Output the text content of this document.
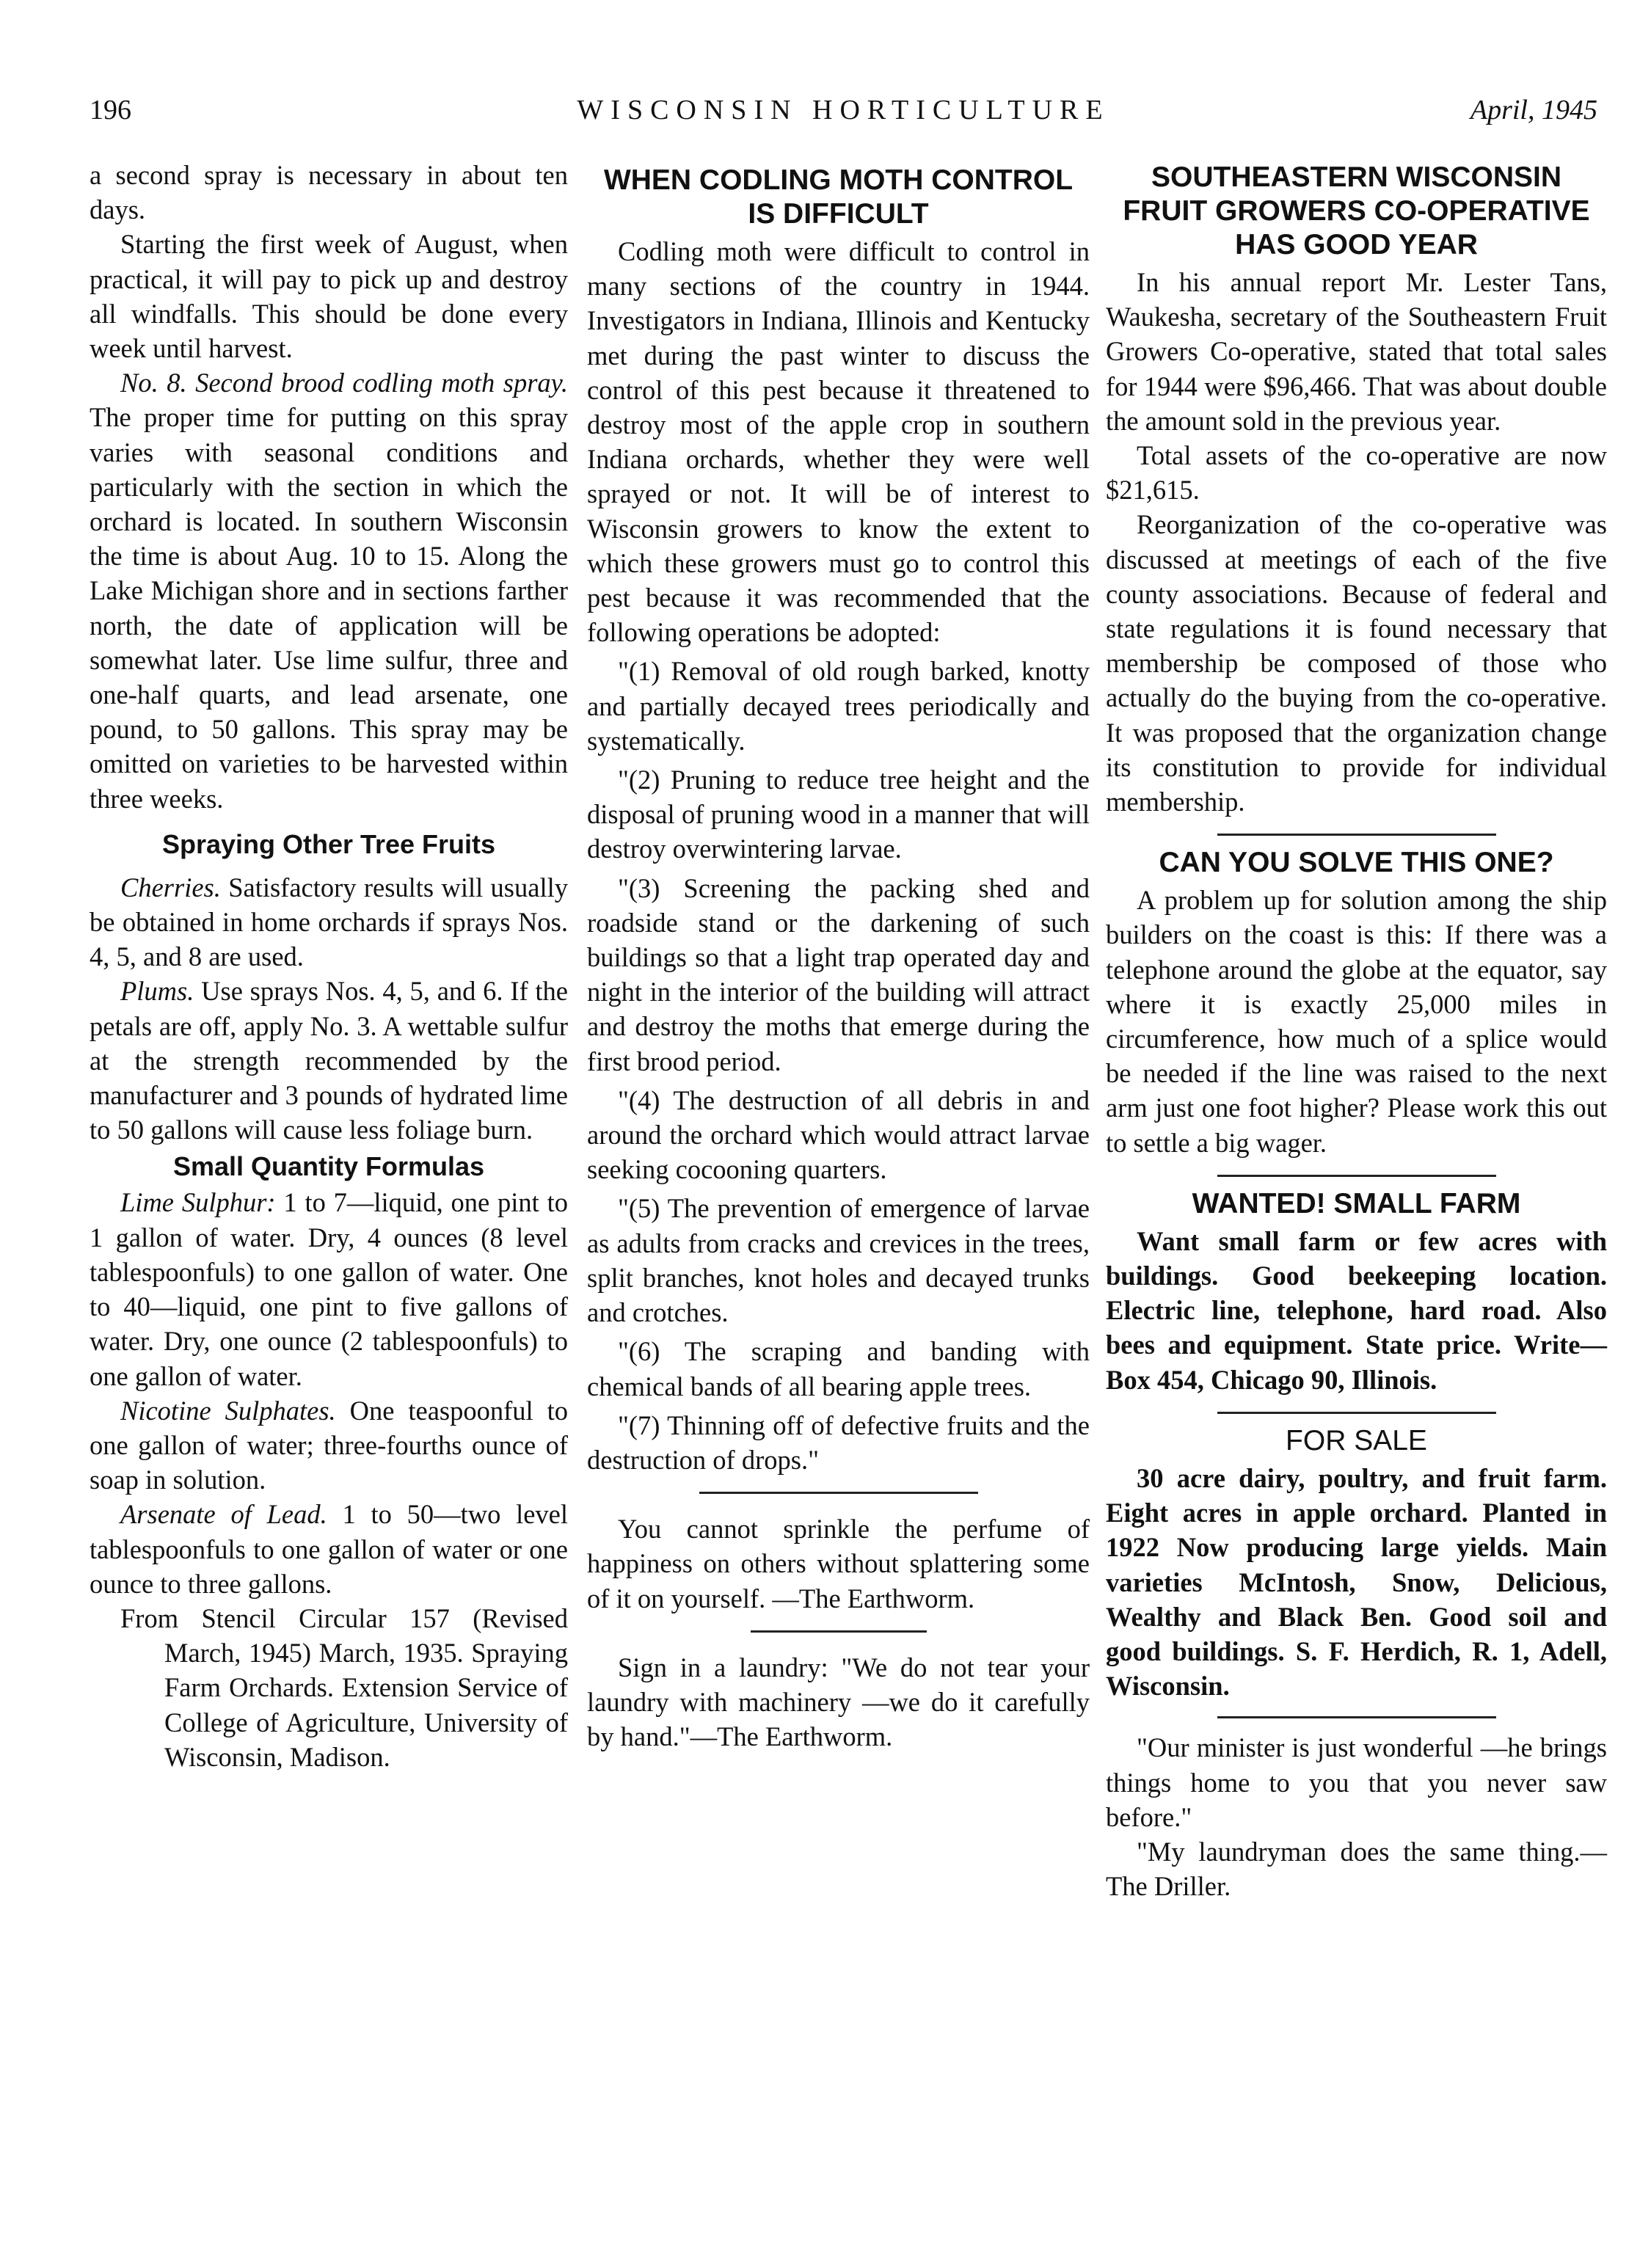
196	WISCONSIN HORTICULTURE	April, 1945

a second spray is necessary in about ten days.

Starting the first week of August, when practical, it will pay to pick up and destroy all windfalls. This should be done every week until harvest.

No. 8. Second brood codling moth spray. The proper time for putting on this spray varies with seasonal conditions and particularly with the section in which the orchard is located. In southern Wisconsin the time is about Aug. 10 to 15. Along the Lake Michigan shore and in sections farther north, the date of application will be somewhat later. Use lime sulfur, three and one-half quarts, and lead arsenate, one pound, to 50 gallons. This spray may be omitted on varieties to be harvested within three weeks.

Spraying Other Tree Fruits

Cherries. Satisfactory results will usually be obtained in home orchards if sprays Nos. 4, 5, and 8 are used.

Plums. Use sprays Nos. 4, 5, and 6. If the petals are off, apply No. 3. A wettable sulfur at the strength recommended by the manufacturer and 3 pounds of hydrated lime to 50 gallons will cause less foliage burn.

Small Quantity Formulas

Lime Sulphur: 1 to 7—liquid, one pint to 1 gallon of water. Dry, 4 ounces (8 level tablespoonfuls) to one gallon of water. One to 40—liquid, one pint to five gallons of water. Dry, one ounce (2 tablespoonfuls) to one gallon of water.

Nicotine Sulphates. One teaspoonful to one gallon of water; three-fourths ounce of soap in solution.

Arsenate of Lead. 1 to 50—two level tablespoonfuls to one gallon of water or one ounce to three gallons.

From Stencil Circular 157 (Revised March, 1945) March, 1935. Spraying Farm Orchards. Extension Service of College of Agriculture, University of Wisconsin, Madison.

WHEN CODLING MOTH CONTROL IS DIFFICULT

Codling moth were difficult to control in many sections of the country in 1944. Investigators in Indiana, Illinois and Kentucky met during the past winter to discuss the control of this pest because it threatened to destroy most of the apple crop in southern Indiana orchards, whether they were well sprayed or not. It will be of interest to Wisconsin growers to know the extent to which these growers must go to control this pest because it was recommended that the following operations be adopted:

"(1) Removal of old rough barked, knotty and partially decayed trees periodically and systematically.

"(2) Pruning to reduce tree height and the disposal of pruning wood in a manner that will destroy overwintering larvae.

"(3) Screening the packing shed and roadside stand or the darkening of such buildings so that a light trap operated day and night in the interior of the building will attract and destroy the moths that emerge during the first brood period.

"(4) The destruction of all debris in and around the orchard which would attract larvae seeking cocooning quarters.

"(5) The prevention of emergence of larvae as adults from cracks and crevices in the trees, split branches, knot holes and decayed trunks and crotches.

"(6) The scraping and banding with chemical bands of all bearing apple trees.

"(7) Thinning off of defective fruits and the destruction of drops."

You cannot sprinkle the perfume of happiness on others without splattering some of it on yourself. —The Earthworm.

Sign in a laundry: "We do not tear your laundry with machinery —we do it carefully by hand."—The Earthworm.

SOUTHEASTERN WISCONSIN FRUIT GROWERS CO-OPERATIVE HAS GOOD YEAR

In his annual report Mr. Lester Tans, Waukesha, secretary of the Southeastern Fruit Growers Co-operative, stated that total sales for 1944 were $96,466. That was about double the amount sold in the previous year.

Total assets of the co-operative are now $21,615.

Reorganization of the co-operative was discussed at meetings of each of the five county associations. Because of federal and state regulations it is found necessary that membership be composed of those who actually do the buying from the co-operative. It was proposed that the organization change its constitution to provide for individual membership.

CAN YOU SOLVE THIS ONE?

A problem up for solution among the ship builders on the coast is this: If there was a telephone around the globe at the equator, say where it is exactly 25,000 miles in circumference, how much of a splice would be needed if the line was raised to the next arm just one foot higher? Please work this out to settle a big wager.

WANTED! SMALL FARM

Want small farm or few acres with buildings. Good beekeeping location. Electric line, telephone, hard road. Also bees and equipment. State price. Write—Box 454, Chicago 90, Illinois.

FOR SALE

30 acre dairy, poultry, and fruit farm. Eight acres in apple orchard. Planted in 1922 Now producing large yields. Main varieties McIntosh, Snow, Delicious, Wealthy and Black Ben. Good soil and good buildings. S. F. Herdich, R. 1, Adell, Wisconsin.

"Our minister is just wonderful —he brings things home to you that you never saw before."

"My laundryman does the same thing.—The Driller.
